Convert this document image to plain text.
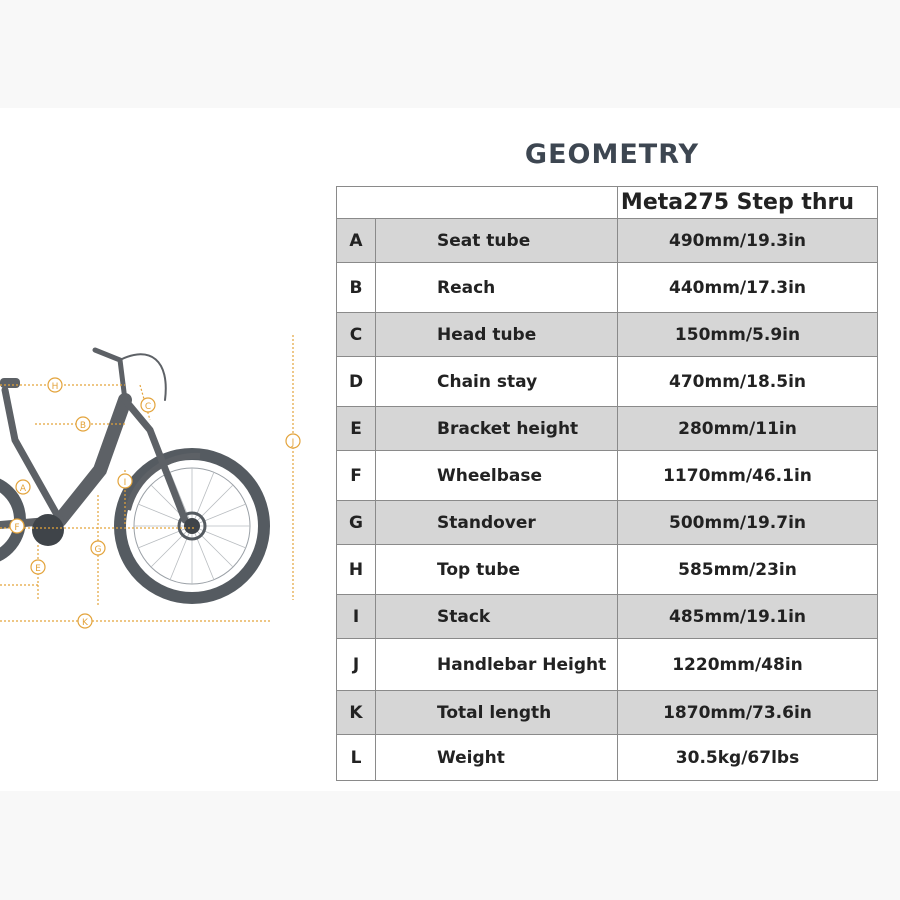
GEOMETRY
H
C
B
J
I
A
F
G
E
K
		Meta275 Step thru
A	Seat tube	490mm/19.3in
B	Reach	440mm/17.3in
C	Head tube	150mm/5.9in
D	Chain stay	470mm/18.5in
E	Bracket height	280mm/11in
F	Wheelbase	1170mm/46.1in
G	Standover	500mm/19.7in
H	Top tube	585mm/23in
I	Stack	485mm/19.1in
J	Handlebar Height	1220mm/48in
K	Total length	1870mm/73.6in
L	Weight	30.5kg/67lbs
